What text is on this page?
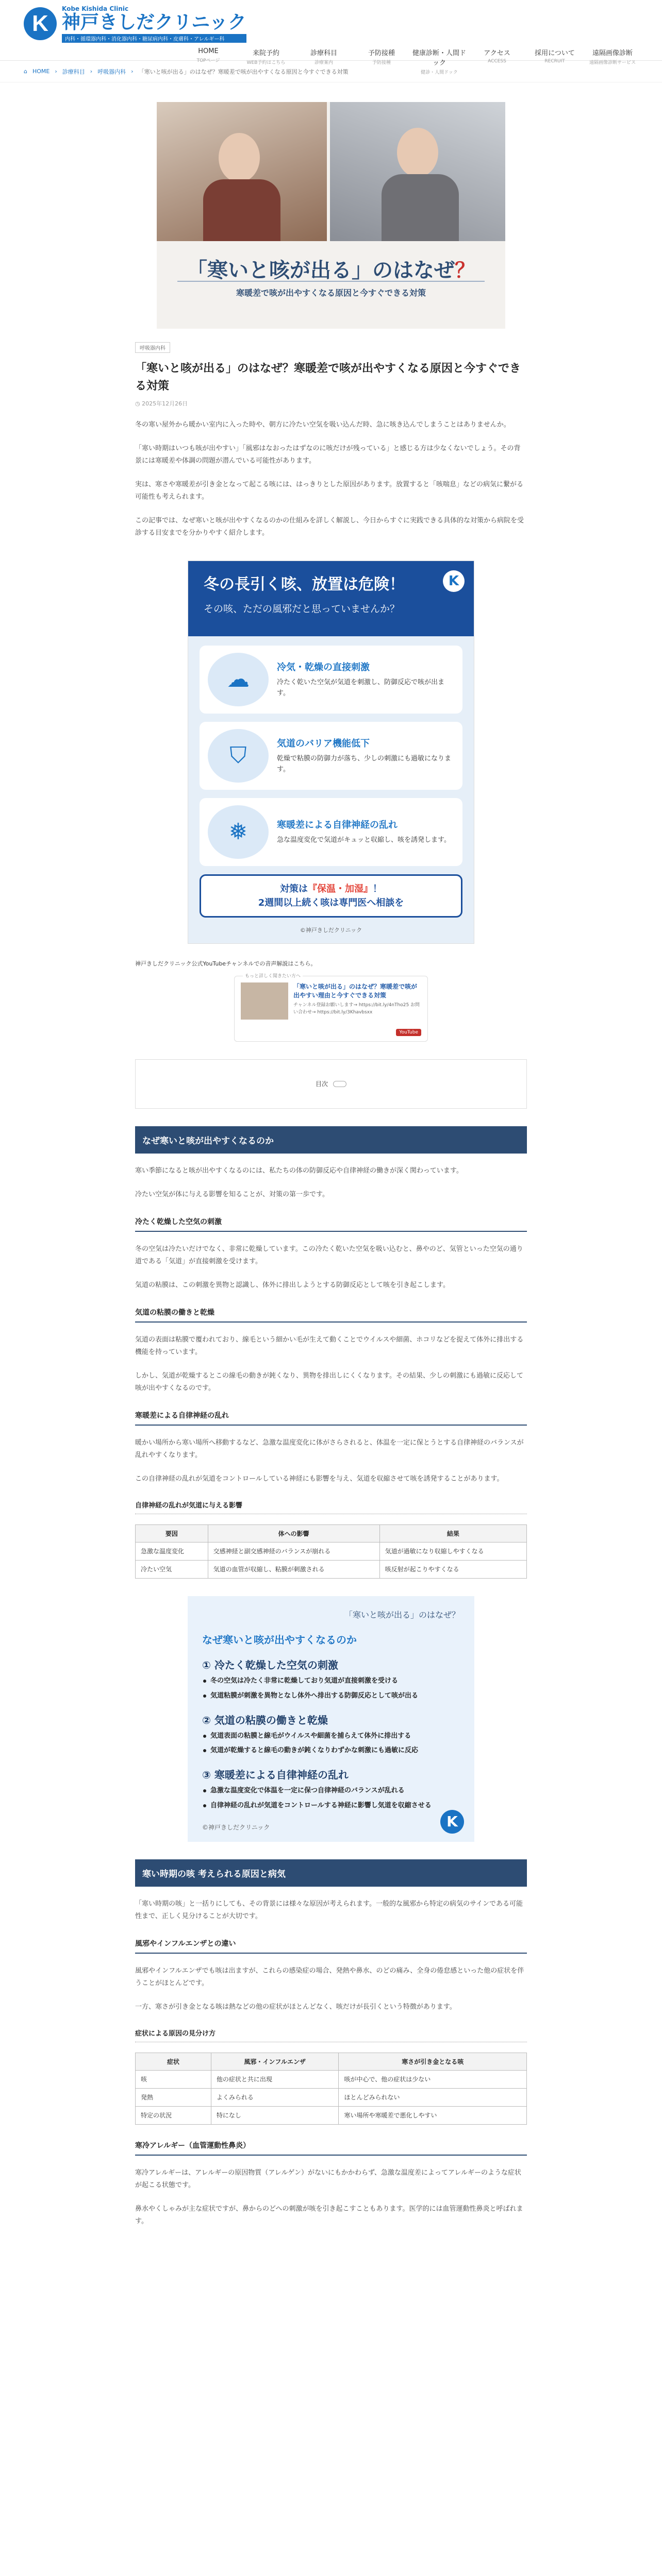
K
Kobe Kishida Clinic
神戸きしだクリニック
内科・循環器内科・消化器内科・糖尿病内科・皮膚科・アレルギー科
HOME
TOPページ
来院予約
WEB予約はこちら
診療科目
診療案内
予防接種
予防接種
健康診断・人間ドック
健診・人間ドック
アクセス
ACCESS
採用について
RECRUIT
遠隔画像診断
遠隔画像診断サービス
⌂ HOME › 診療科目 › 呼吸器内科 › 「寒いと咳が出る」のはなぜ？寒暖差で咳が出やすくなる原因と今すぐできる対策
「寒いと咳が出る」のはなぜ？
寒暖差で咳が出やすくなる原因と今すぐできる対策
呼吸器内科
「寒いと咳が出る」のはなぜ？寒暖差で咳が出やすくなる原因と今すぐできる対策
◷ 2025年12月26日

冬の寒い屋外から暖かい室内に入った時や、朝方に冷たい空気を吸い込んだ時、急に咳き込んでしまうことはありませんか。

「寒い時期はいつも咳が出やすい」「風邪はなおったはずなのに咳だけが残っている」と感じる方は少なくないでしょう。その背景には寒暖差や体調の問題が潜んでいる可能性があります。

実は、寒さや寒暖差が引き金となって起こる咳には、はっきりとした原因があります。放置すると「咳喘息」などの病気に繋がる可能性も考えられます。

この記事では、なぜ寒いと咳が出やすくなるのかの仕組みを詳しく解説し、今日からすぐに実践できる具体的な対策から病院を受診する目安までを分かりやすく紹介します。

冬の長引く咳、放置は危険！
その咳、ただの風邪だと思っていませんか？
K
☁	冷気・乾燥の直接刺激
冷たく乾いた空気が気道を刺激し、防御反応で咳が出ます。
⛉	気道のバリア機能低下
乾燥で粘膜の防御力が落ち、少しの刺激にも過敏になります。
❅	寒暖差による自律神経の乱れ
急な温度変化で気道がキュッと収縮し、咳を誘発します。
対策は『保温・加湿』！
2週間以上続く咳は専門医へ相談を
©神戸きしだクリニック
神戸きしだクリニック公式YouTubeチャンネルでの音声解説はこちら。
もっと詳しく聞きたい方へ
「寒いと咳が出る」のはなぜ？寒暖差で咳が出やすい理由と今すぐできる対策
チャンネル登録お願いします→ https://bit.ly/4nTho25 お問い合わせ→ https://bit.ly/3Khavbsxx
YouTube
目次
なぜ寒いと咳が出やすくなるのか

寒い季節になると咳が出やすくなるのには、私たちの体の防御反応や自律神経の働きが深く関わっています。

冷たい空気が体に与える影響を知ることが、対策の第一歩です。

冷たく乾燥した空気の刺激

冬の空気は冷たいだけでなく、非常に乾燥しています。この冷たく乾いた空気を吸い込むと、鼻やのど、気管といった空気の通り道である「気道」が直接刺激を受けます。

気道の粘膜は、この刺激を異物と認識し、体外に排出しようとする防御反応として咳を引き起こします。

気道の粘膜の働きと乾燥

気道の表面は粘膜で覆われており、線毛という細かい毛が生えて動くことでウイルスや細菌、ホコリなどを捉えて体外に排出する機能を持っています。

しかし、気道が乾燥するとこの線毛の動きが鈍くなり、異物を排出しにくくなります。その結果、少しの刺激にも過敏に反応して咳が出やすくなるのです。

寒暖差による自律神経の乱れ

暖かい場所から寒い場所へ移動するなど、急激な温度変化に体がさらされると、体温を一定に保とうとする自律神経のバランスが乱れやすくなります。

この自律神経の乱れが気道をコントロールしている神経にも影響を与え、気道を収縮させて咳を誘発することがあります。

自律神経の乱れが気道に与える影響
要因	体への影響	結果
急激な温度変化	交感神経と副交感神経のバランスが崩れる	気道が過敏になり収縮しやすくなる
冷たい空気	気道の血管が収縮し、粘膜が刺激される	咳反射が起こりやすくなる
「寒いと咳が出る」のはなぜ？
なぜ寒いと咳が出やすくなるのか
① 冷たく乾燥した空気の刺激
冬の空気は冷たく非常に乾燥しており気道が直接刺激を受ける
気道粘膜が刺激を異物となし体外へ排出する防御反応として咳が出る
② 気道の粘膜の働きと乾燥
気道表面の粘膜と線毛がウイルスや細菌を捕らえて体外に排出する
気道が乾燥すると線毛の動きが鈍くなりわずかな刺激にも過敏に反応
③ 寒暖差による自律神経の乱れ
急激な温度変化で体温を一定に保つ自律神経のバランスが乱れる
自律神経の乱れが気道をコントロールする神経に影響し気道を収縮させる
©神戸きしだクリニック	K
寒い時期の咳 考えられる原因と病気

「寒い時期の咳」と一括りにしても、その背景には様々な原因が考えられます。一般的な風邪から特定の病気のサインである可能性まで、正しく見分けることが大切です。

風邪やインフルエンザとの違い

風邪やインフルエンザでも咳は出ますが、これらの感染症の場合、発熱や鼻水、のどの痛み、全身の倦怠感といった他の症状を伴うことがほとんどです。

一方、寒さが引き金となる咳は熱などの他の症状がほとんどなく、咳だけが長引くという特徴があります。

症状による原因の見分け方
症状	風邪・インフルエンザ	寒さが引き金となる咳
咳	他の症状と共に出現	咳が中心で、他の症状は少ない
発熱	よくみられる	ほとんどみられない
特定の状況	特になし	寒い場所や寒暖差で悪化しやすい
寒冷アレルギー（血管運動性鼻炎）

寒冷アレルギーは、アレルギーの原因物質（アレルゲン）がないにもかかわらず、急激な温度差によってアレルギーのような症状が起こる状態です。

鼻水やくしゃみが主な症状ですが、鼻からのどへの刺激が咳を引き起こすこともあります。医学的には血管運動性鼻炎と呼ばれます。
